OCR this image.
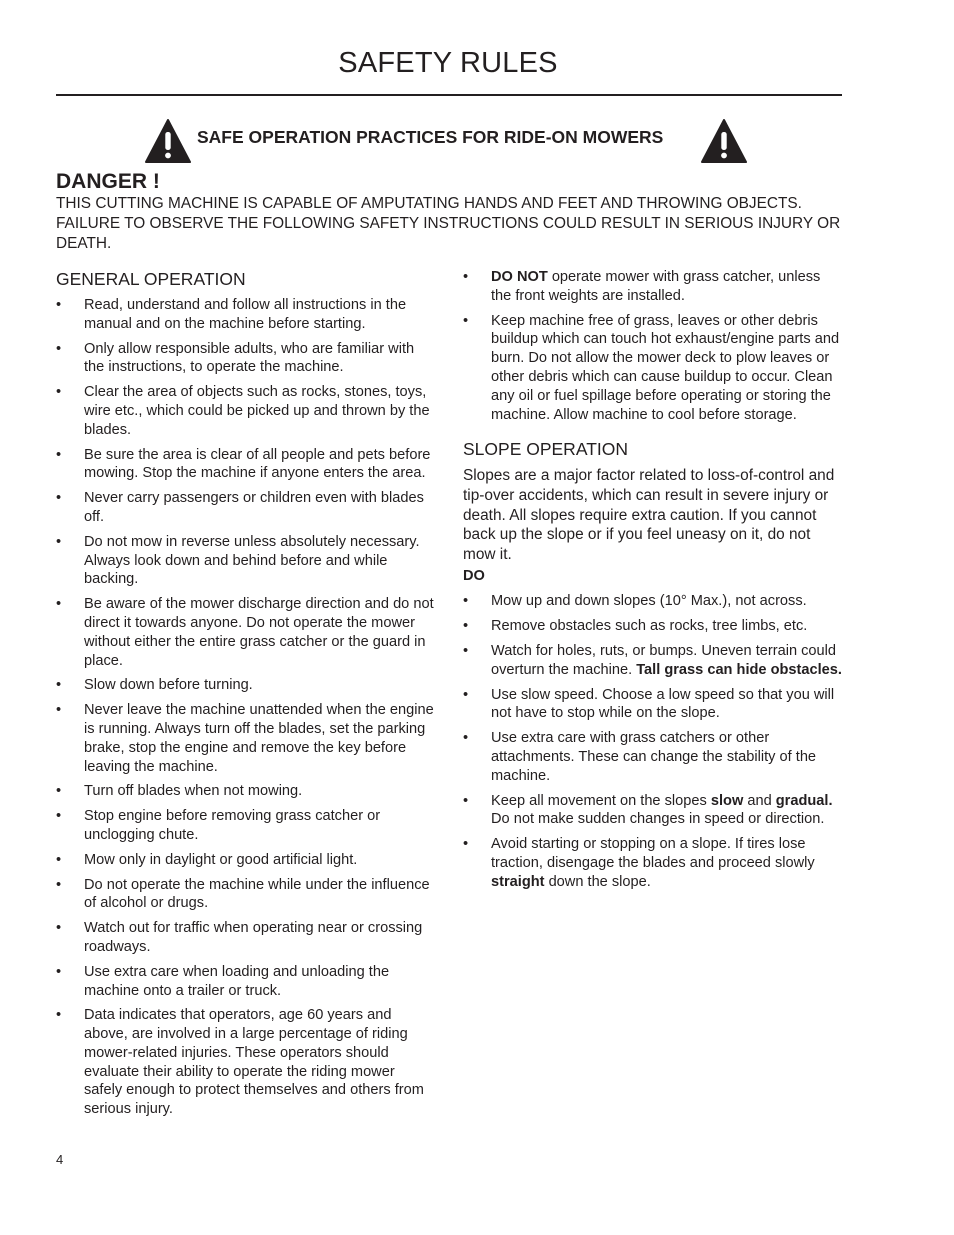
SAFETY RULES
SAFE OPERATION PRACTICES FOR RIDE-ON MOWERS
DANGER !
THIS CUTTING MACHINE IS CAPABLE OF AMPUTATING HANDS AND FEET AND THROWING OBJECTS. FAILURE TO OBSERVE THE FOLLOWING SAFETY INSTRUCTIONS COULD RESULT IN SERIOUS INJURY OR DEATH.
GENERAL OPERATION
• Read, understand and follow all instructions in the manual and on the machine before starting.
• Only allow responsible adults, who are familiar with the instructions, to operate the machine.
• Clear the area of objects such as rocks, stones, toys, wire etc., which could be picked up and thrown by the blades.
• Be sure the area is clear of all people and pets before mowing. Stop the machine if anyone enters the area.
• Never carry passengers or children even with blades off.
• Do not mow in reverse unless absolutely necessary. Always look down and behind before and while backing.
• Be aware of the mower discharge direction and do not direct it towards anyone. Do not operate the mower without either the entire grass catcher or the guard in place.
• Slow down before turning.
• Never leave the machine unattended when the engine is running. Always turn off the blades, set the parking brake, stop the engine and remove the key before leaving the machine.
• Turn off blades when not mowing.
• Stop engine before removing grass catcher or unclogging chute.
• Mow only in daylight or good artificial light.
• Do not operate the machine while under the influence of alcohol or drugs.
• Watch out for traffic when operating near or crossing roadways.
• Use extra care when loading and unloading the machine onto a trailer or truck.
• Data indicates that operators, age 60 years and above, are involved in a large percentage of riding mower-related injuries. These operators should evaluate their ability to operate the riding mower safely enough to protect themselves and others from serious injury.
• DO NOT operate mower with grass catcher, unless the front weights are installed.
• Keep machine free of grass, leaves or other debris buildup which can touch hot exhaust/engine parts and burn. Do not allow the mower deck to plow leaves or other debris which can cause buildup to occur. Clean any oil or fuel spillage before operating or storing the machine. Allow machine to cool before storage.
SLOPE OPERATION

Slopes are a major factor related to loss-of-control and tip-over accidents, which can result in severe injury or death. All slopes require extra caution. If you cannot back up the slope or if you feel uneasy on it, do not mow it.

DO
• Mow up and down slopes (10° Max.), not across.
• Remove obstacles such as rocks, tree limbs, etc.
• Watch for holes, ruts, or bumps. Uneven terrain could overturn the machine. Tall grass can hide obstacles.
• Use slow speed. Choose a low speed so that you will not have to stop while on the slope.
• Use extra care with grass catchers or other attachments. These can change the stability of the machine.
• Keep all movement on the slopes slow and gradual. Do not make sudden changes in speed or direction.
• Avoid starting or stopping on a slope. If tires lose traction, disengage the blades and proceed slowly straight down the slope.
4
